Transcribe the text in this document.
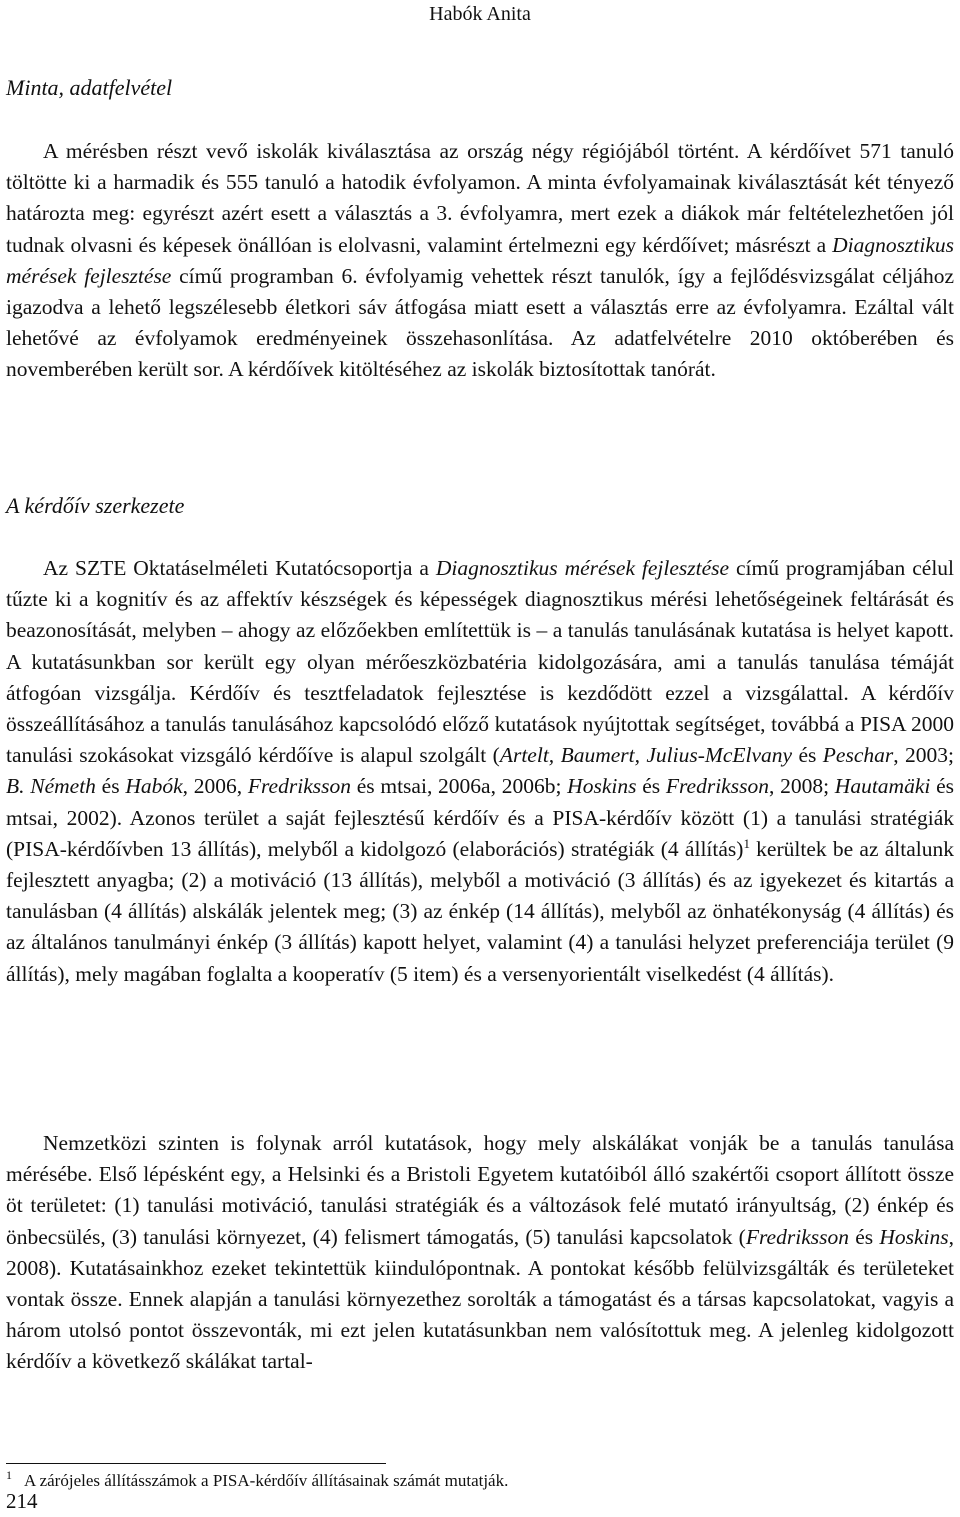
Habók Anita
Minta, adatfelvétel

A mérésben részt vevő iskolák kiválasztása az ország négy régiójából történt. A kérdőívet 571 tanuló töltötte ki a harmadik és 555 tanuló a hatodik évfolyamon. A minta évfolyamainak kiválasztását két tényező határozta meg: egyrészt azért esett a választás a 3. évfolyamra, mert ezek a diákok már feltételezhetően jól tudnak olvasni és képesek önállóan is elolvasni, valamint értelmezni egy kérdőívet; másrészt a Diagnosztikus mérések fejlesztése című programban 6. évfolyamig vehettek részt tanulók, így a fejlődésvizsgálat céljához igazodva a lehető legszélesebb életkori sáv átfogása miatt esett a választás erre az évfolyamra. Ezáltal vált lehetővé az évfolyamok eredményeinek összehasonlítása. Az adatfelvételre 2010 októberében és novemberében került sor. A kérdőívek kitöltéséhez az iskolák biztosítottak tanórát.

A kérdőív szerkezete

Az SZTE Oktatáselméleti Kutatócsoportja a Diagnosztikus mérések fejlesztése című programjában célul tűzte ki a kognitív és az affektív készségek és képességek diagnosztikus mérési lehetőségeinek feltárását és beazonosítását, melyben – ahogy az előzőekben említettük is – a tanulás tanulásának kutatása is helyet kapott. A kutatásunkban sor került egy olyan mérőeszközbatéria kidolgozására, ami a tanulás tanulása témáját átfogóan vizsgálja. Kérdőív és tesztfeladatok fejlesztése is kezdődött ezzel a vizsgálattal. A kérdőív összeállításához a tanulás tanulásához kapcsolódó előző kutatások nyújtottak segítséget, továbbá a PISA 2000 tanulási szokásokat vizsgáló kérdőíve is alapul szolgált (Artelt, Baumert, Julius-McElvany és Peschar, 2003; B. Németh és Habók, 2006, Fredriksson és mtsai, 2006a, 2006b; Hoskins és Fredriksson, 2008; Hautamäki és mtsai, 2002). Azonos terület a saját fejlesztésű kérdőív és a PISA-kérdőív között (1) a tanulási stratégiák (PISA-kérdőívben 13 állítás), melyből a kidolgozó (elaborációs) stratégiák (4 állítás)$^1$ kerültek be az általunk fejlesztett anyagba; (2) a motiváció (13 állítás), melyből a motiváció (3 állítás) és az igyekezet és kitartás a tanulásban (4 állítás) alskálák jelentek meg; (3) az énkép (14 állítás), melyből az önhatékonyság (4 állítás) és az általános tanulmányi énkép (3 állítás) kapott helyet, valamint (4) a tanulási helyzet preferenciája terület (9 állítás), mely magában foglalta a kooperatív (5 item) és a versenyorientált viselkedést (4 állítás).

Nemzetközi szinten is folynak arról kutatások, hogy mely alskálákat vonják be a tanulás tanulása mérésébe. Első lépésként egy, a Helsinki és a Bristoli Egyetem kutatóiból álló szakértői csoport állított össze öt területet: (1) tanulási motiváció, tanulási stratégiák és a változások felé mutató irányultság, (2) énkép és önbecsülés, (3) tanulási környezet, (4) felismert támogatás, (5) tanulási kapcsolatok (Fredriksson és Hoskins, 2008). Kutatásainkhoz ezeket tekintettük kiindulópontnak. A pontokat később felülvizsgálták és területeket vontak össze. Ennek alapján a tanulási környezethez sorolták a támogatást és a társas kapcsolatokat, vagyis a három utolsó pontot összevonták, mi ezt jelen kutatásunkban nem valósítottuk meg. A jelenleg kidolgozott kérdőív a következő skálákat tartal-

$^1$ A zárójeles állításszámok a PISA-kérdőív állításainak számát mutatják.

214
